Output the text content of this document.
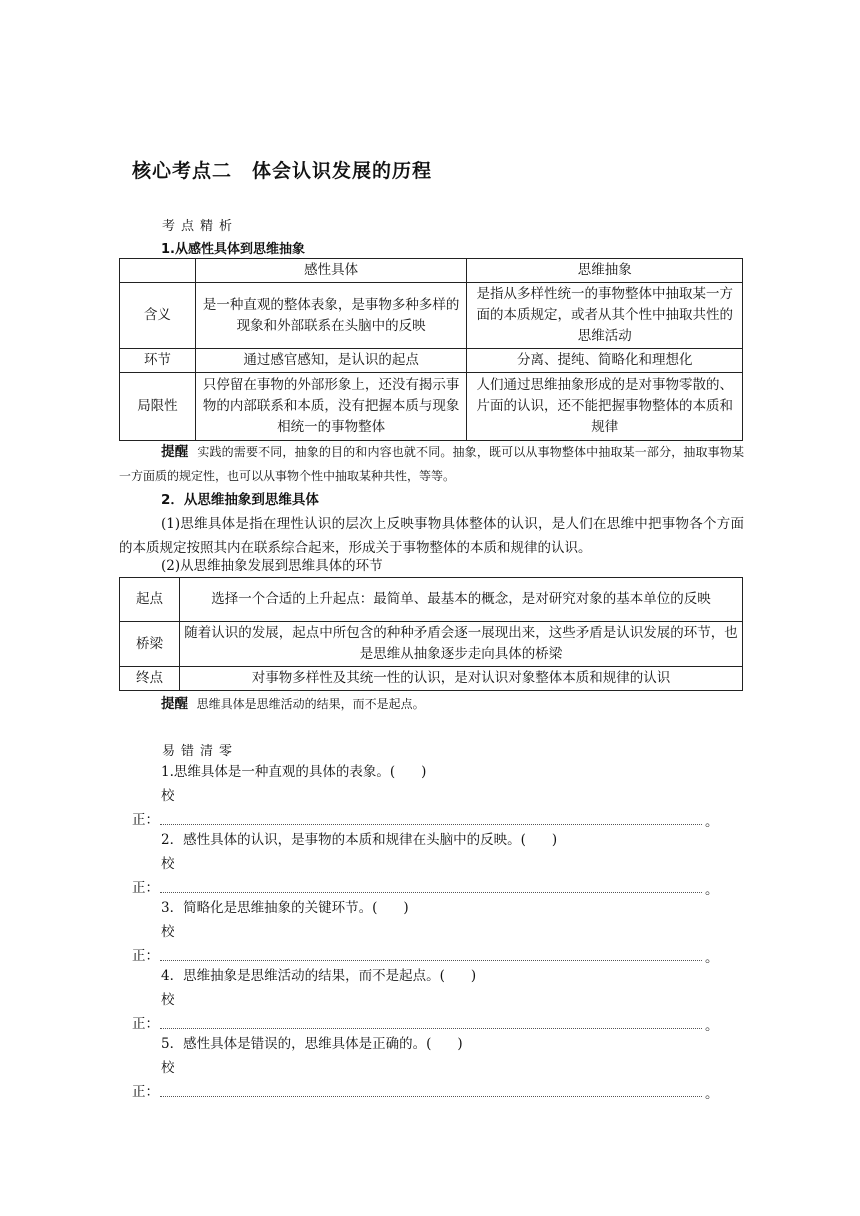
核心考点二 体会认识发展的历程
考点精析
1.从感性具体到思维抽象
	感性具体	思维抽象
含义	是一种直观的整体表象，是事物多种多样的现象和外部联系在头脑中的反映	是指从多样性统一的事物整体中抽取某一方面的本质规定，或者从其个性中抽取共性的思维活动
环节	通过感官感知，是认识的起点	分离、提纯、简略化和理想化
局限性	只停留在事物的外部形象上，还没有揭示事物的内部联系和本质，没有把握本质与现象相统一的事物整体	人们通过思维抽象形成的是对事物零散的、片面的认识，还不能把握事物整体的本质和规律
提醒 实践的需要不同，抽象的目的和内容也就不同。抽象，既可以从事物整体中抽取某一部分，抽取事物某一方面质的规定性，也可以从事物个性中抽取某种共性，等等。
2．从思维抽象到思维具体
(1)思维具体是指在理性认识的层次上反映事物具体整体的认识，是人们在思维中把事物各个方面的本质规定按照其内在联系综合起来，形成关于事物整体的本质和规律的认识。
(2)从思维抽象发展到思维具体的环节
起点	选择一个合适的上升起点：最简单、最基本的概念，是对研究对象的基本单位的反映
桥梁	随着认识的发展，起点中所包含的种种矛盾会逐一展现出来，这些矛盾是认识发展的环节，也是思维从抽象逐步走向具体的桥梁
终点	对事物多样性及其统一性的认识，是对认识对象整体本质和规律的认识
提醒 思维具体是思维活动的结果，而不是起点。
易错清零
1.思维具体是一种直观的具体的表象。( )
校
正：	。
2．感性具体的认识，是事物的本质和规律在头脑中的反映。( )
校
正：	。
3．简略化是思维抽象的关键环节。( )
校
正：	。
4．思维抽象是思维活动的结果，而不是起点。( )
校
正：	。
5．感性具体是错误的，思维具体是正确的。( )
校
正：	。
